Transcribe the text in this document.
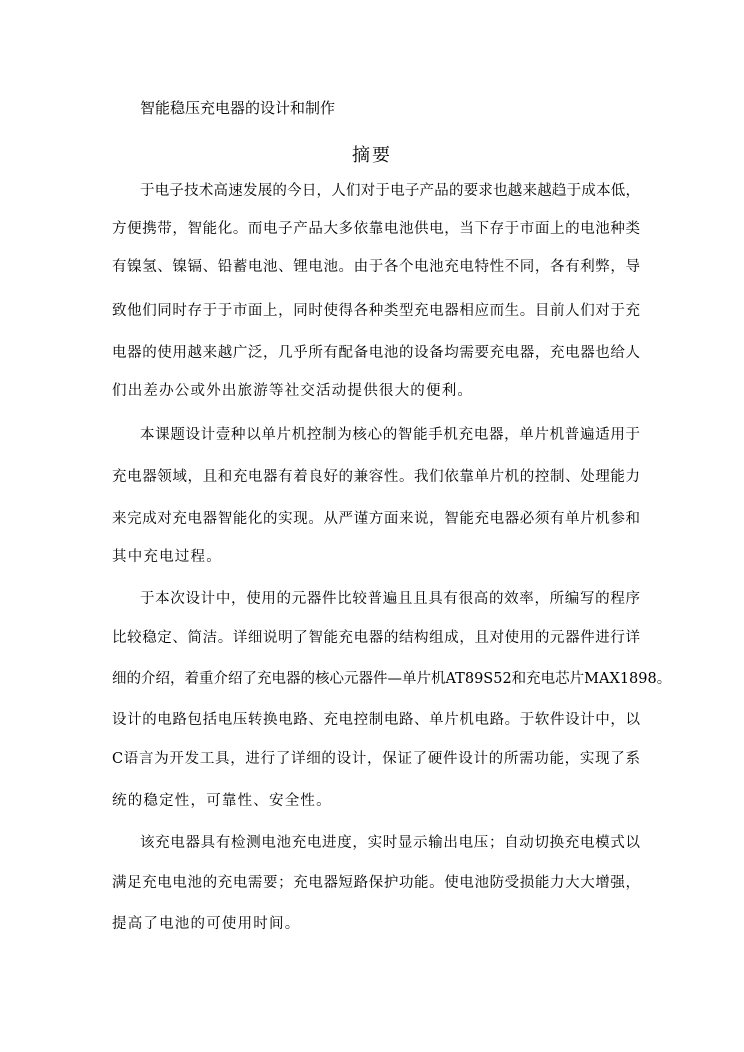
智能稳压充电器的设计和制作
摘要
于电子技术高速发展的今日，人们对于电子产品的要求也越来越趋于成本低，
方便携带，智能化。而电子产品大多依靠电池供电，当下存于市面上的电池种类
有镍氢、镍镉、铅蓄电池、锂电池。由于各个电池充电特性不同，各有利弊，导
致他们同时存于于市面上，同时使得各种类型充电器相应而生。目前人们对于充
电器的使用越来越广泛，几乎所有配备电池的设备均需要充电器，充电器也给人
们出差办公或外出旅游等社交活动提供很大的便利。
本课题设计壹种以单片机控制为核心的智能手机充电器，单片机普遍适用于
充电器领域，且和充电器有着良好的兼容性。我们依靠单片机的控制、处理能力
来完成对充电器智能化的实现。从严谨方面来说，智能充电器必须有单片机参和
其中充电过程。
于本次设计中，使用的元器件比较普遍且且具有很高的效率，所编写的程序
比较稳定、简洁。详细说明了智能充电器的结构组成，且对使用的元器件进行详
细的介绍，着重介绍了充电器的核心元器件—单片机AT89S52和充电芯片MAX1898。
设计的电路包括电压转换电路、充电控制电路、单片机电路。于软件设计中，以
C语言为开发工具，进行了详细的设计，保证了硬件设计的所需功能，实现了系
统的稳定性，可靠性、安全性。
该充电器具有检测电池充电进度，实时显示输出电压；自动切换充电模式以
满足充电电池的充电需要；充电器短路保护功能。使电池防受损能力大大增强，
提高了电池的可使用时间。
